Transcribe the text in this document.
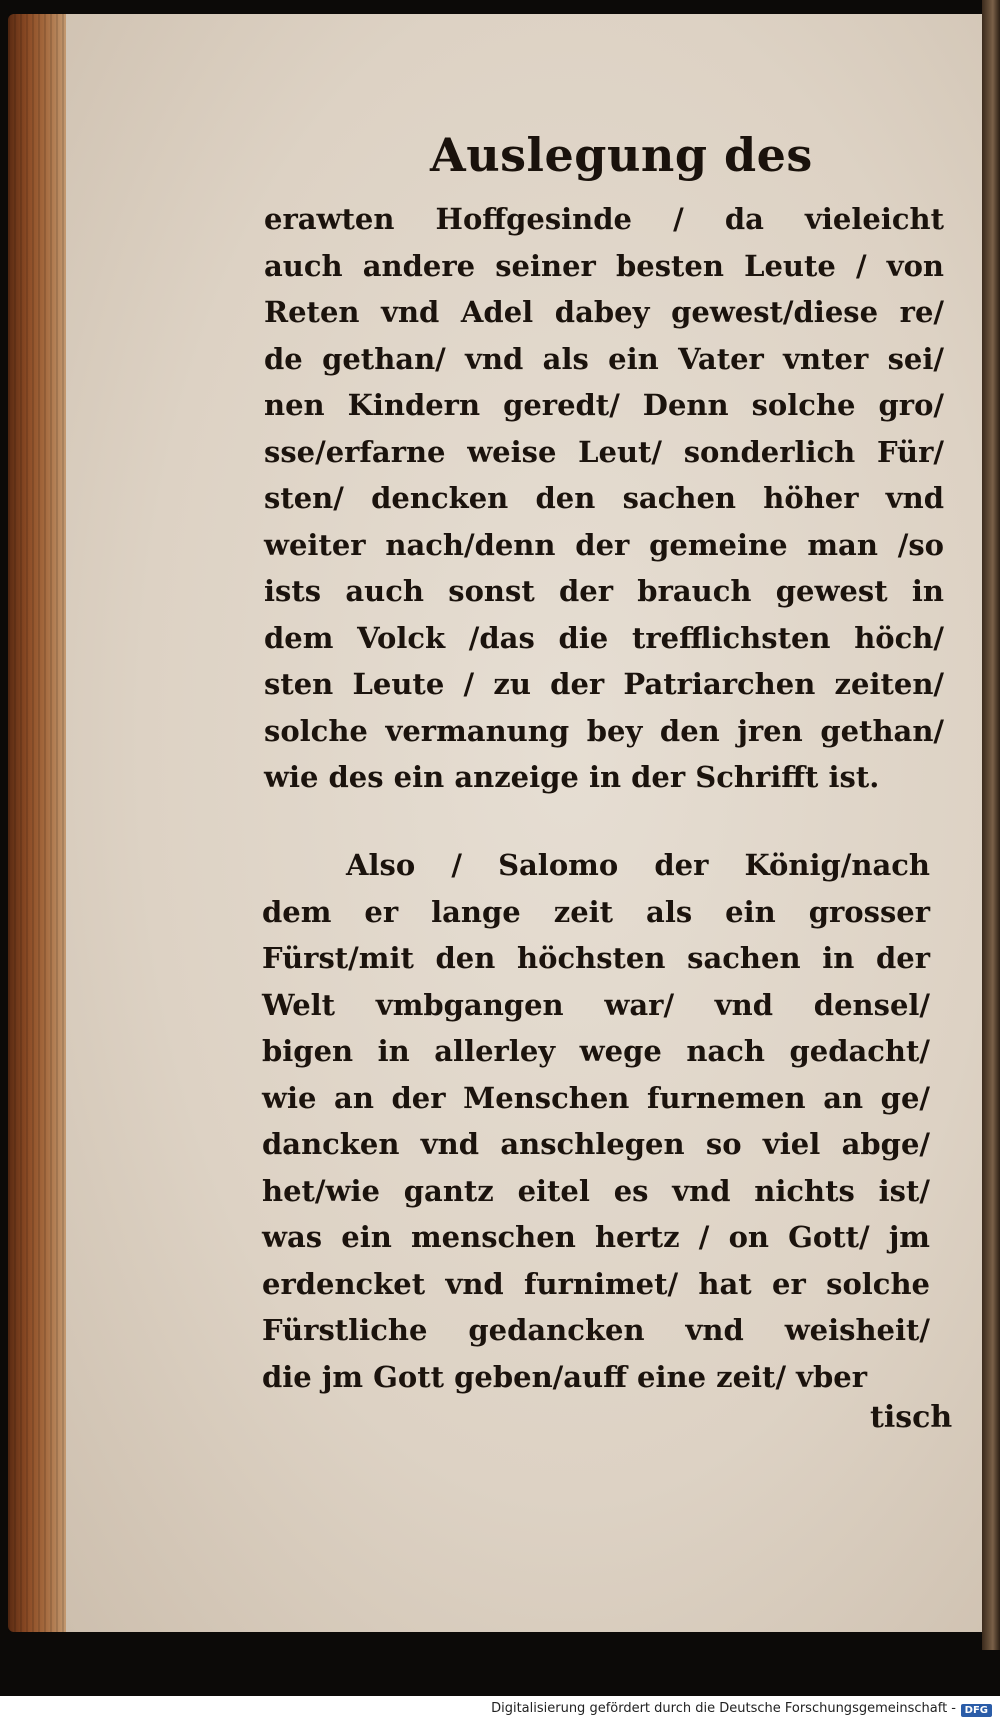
Auslegung des
erawten Hoffgesinde / da vieleicht
auch andere seiner besten Leute / von
Reten vnd Adel dabey gewest/diese re/
de gethan/ vnd als ein Vater vnter sei/
nen Kindern geredt/ Denn solche gro/
sse/erfarne weise Leut/ sonderlich Für/
sten/ dencken den sachen höher vnd
weiter nach/denn der gemeine man /so
ists auch sonst der brauch gewest in
dem Volck /das die trefflichsten höch/
sten Leute / zu der Patriarchen zeiten/
solche vermanung bey den jren gethan/
wie des ein anzeige in der Schrifft ist.
Also / Salomo der König/nach
dem er lange zeit als ein grosser
Fürst/mit den höchsten sachen in der
Welt vmbgangen war/ vnd densel/
bigen in allerley wege nach gedacht/
wie an der Menschen furnemen an ge/
dancken vnd anschlegen so viel abge/
het/wie gantz eitel es vnd nichts ist/
was ein menschen hertz / on Gott/ jm
erdencket vnd furnimet/ hat er solche
Fürstliche gedancken vnd weisheit/
die jm Gott geben/auff eine zeit/ vber
tisch
Digitalisierung gefördert durch die Deutsche Forschungsgemeinschaft - DFG
